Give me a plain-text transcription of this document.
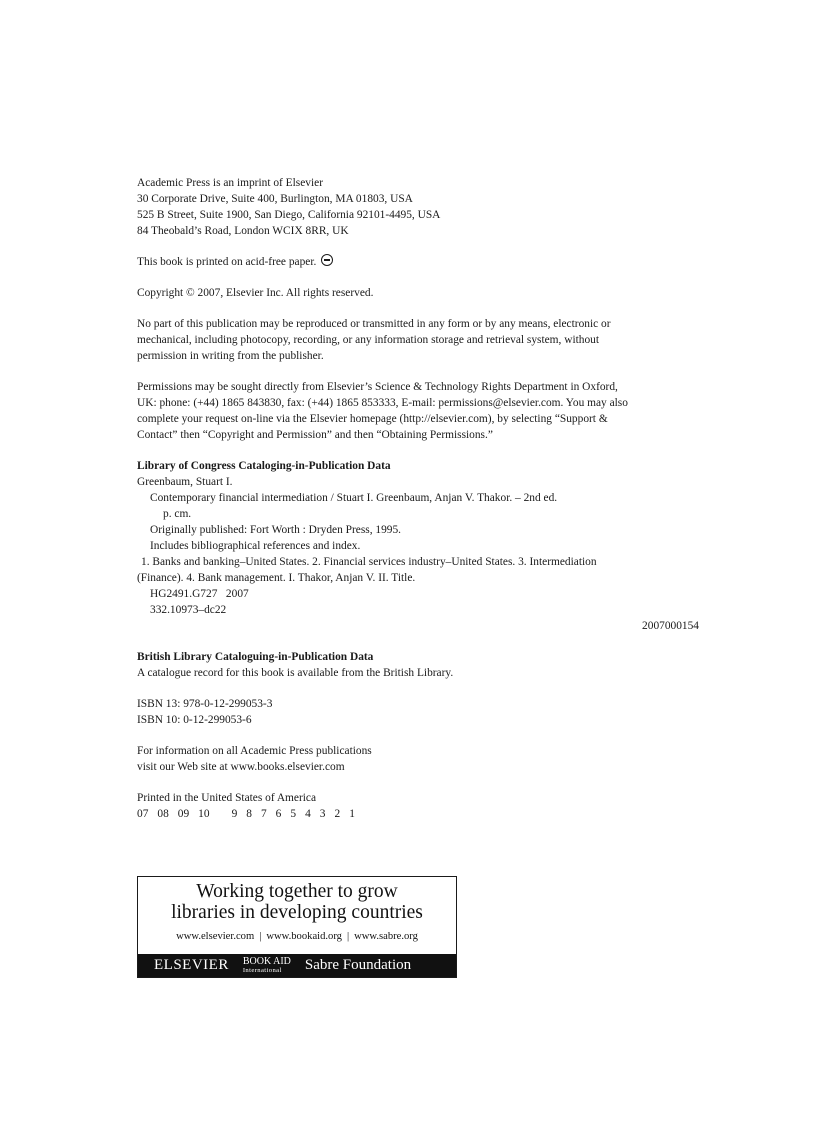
Academic Press is an imprint of Elsevier
30 Corporate Drive, Suite 400, Burlington, MA 01803, USA
525 B Street, Suite 1900, San Diego, California 92101-4495, USA
84 Theobald’s Road, London WCIX 8RR, UK
This book is printed on acid-free paper.
Copyright © 2007, Elsevier Inc. All rights reserved.
No part of this publication may be reproduced or transmitted in any form or by any means, electronic or
mechanical, including photocopy, recording, or any information storage and retrieval system, without
permission in writing from the publisher.
Permissions may be sought directly from Elsevier’s Science & Technology Rights Department in Oxford,
UK: phone: (+44) 1865 843830, fax: (+44) 1865 853333, E-mail: permissions@elsevier.com. You may also
complete your request on-line via the Elsevier homepage (http://elsevier.com), by selecting “Support &
Contact” then “Copyright and Permission” and then “Obtaining Permissions.”
Library of Congress Cataloging-in-Publication Data
Greenbaum, Stuart I.
Contemporary financial intermediation / Stuart I. Greenbaum, Anjan V. Thakor. – 2nd ed.
p. cm.
Originally published: Fort Worth : Dryden Press, 1995.
Includes bibliographical references and index.
1. Banks and banking–United States. 2. Financial services industry–United States. 3. Intermediation
(Finance). 4. Bank management. I. Thakor, Anjan V. II. Title.
HG2491.G727   2007
332.10973–dc22
2007000154
British Library Cataloguing-in-Publication Data
A catalogue record for this book is available from the British Library.
ISBN 13: 978-0-12-299053-3
ISBN 10: 0-12-299053-6
For information on all Academic Press publications
visit our Web site at www.books.elsevier.com
Printed in the United States of America
07 08 09 10 9 8 7 6 5 4 3 2 1
Working together to grow
libraries in developing countries
www.elsevier.com | www.bookaid.org | www.sabre.org
ELSEVIER BOOK AID
International	Sabre Foundation
